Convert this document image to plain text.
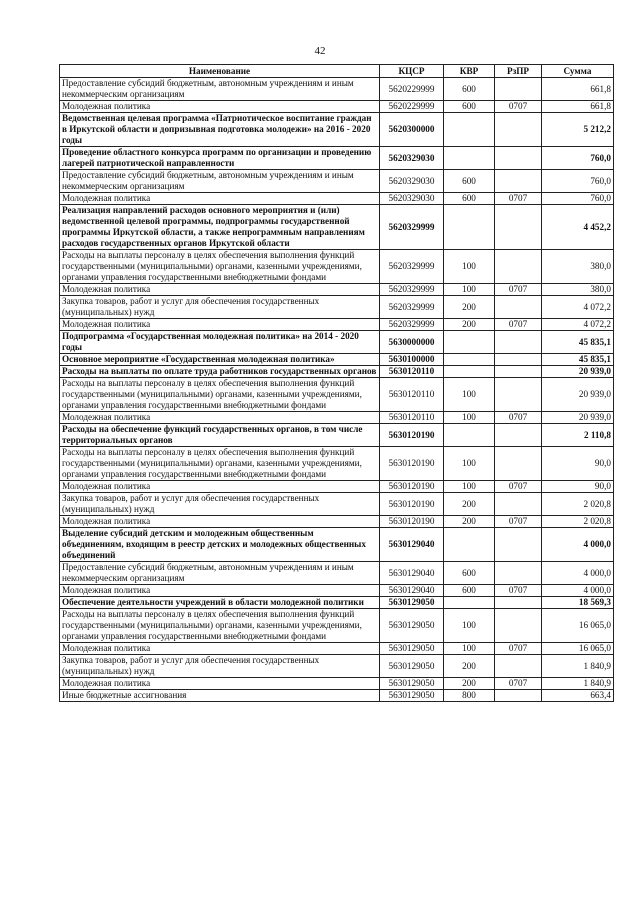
42
Наименование	КЦСР	КВР	РзПР	Сумма
Предоставление субсидий бюджетным, автономным учреждениям и иным некоммерческим организациям	5620229999	600		661,8
Молодежная политика	5620229999	600	0707	661,8
Ведомственная целевая программа «Патриотическое воспитание граждан в Иркутской области и допризывная подготовка молодежи» на 2016 - 2020 годы	5620300000			5 212,2
Проведение областного конкурса программ по организации и проведению лагерей патриотической направленности	5620329030			760,0
Предоставление субсидий бюджетным, автономным учреждениям и иным некоммерческим организациям	5620329030	600		760,0
Молодежная политика	5620329030	600	0707	760,0
Реализация направлений расходов основного мероприятия и (или) ведомственной целевой программы, подпрограммы государственной программы Иркутской области, а также непрограммным направлениям расходов государственных органов Иркутской области	5620329999			4 452,2
Расходы на выплаты персоналу в целях обеспечения выполнения функций государственными (муниципальными) органами, казенными учреждениями, органами управления государственными внебюджетными фондами	5620329999	100		380,0
Молодежная политика	5620329999	100	0707	380,0
Закупка товаров, работ и услуг для обеспечения государственных (муниципальных) нужд	5620329999	200		4 072,2
Молодежная политика	5620329999	200	0707	4 072,2
Подпрограмма «Государственная молодежная политика» на 2014 - 2020 годы	5630000000			45 835,1
Основное мероприятие «Государственная молодежная политика»	5630100000			45 835,1
Расходы на выплаты по оплате труда работников государственных органов	5630120110			20 939,0
Расходы на выплаты персоналу в целях обеспечения выполнения функций государственными (муниципальными) органами, казенными учреждениями, органами управления государственными внебюджетными фондами	5630120110	100		20 939,0
Молодежная политика	5630120110	100	0707	20 939,0
Расходы на обеспечение функций государственных органов, в том числе территориальных органов	5630120190			2 110,8
Расходы на выплаты персоналу в целях обеспечения выполнения функций государственными (муниципальными) органами, казенными учреждениями, органами управления государственными внебюджетными фондами	5630120190	100		90,0
Молодежная политика	5630120190	100	0707	90,0
Закупка товаров, работ и услуг для обеспечения государственных (муниципальных) нужд	5630120190	200		2 020,8
Молодежная политика	5630120190	200	0707	2 020,8
Выделение субсидий детским и молодежным общественным объединениям, входящим в реестр детских и молодежных общественных объединений	5630129040			4 000,0
Предоставление субсидий бюджетным, автономным учреждениям и иным некоммерческим организациям	5630129040	600		4 000,0
Молодежная политика	5630129040	600	0707	4 000,0
Обеспечение деятельности учреждений в области молодежной политики	5630129050			18 569,3
Расходы на выплаты персоналу в целях обеспечения выполнения функций государственными (муниципальными) органами, казенными учреждениями, органами управления государственными внебюджетными фондами	5630129050	100		16 065,0
Молодежная политика	5630129050	100	0707	16 065,0
Закупка товаров, работ и услуг для обеспечения государственных (муниципальных) нужд	5630129050	200		1 840,9
Молодежная политика	5630129050	200	0707	1 840,9
Иные бюджетные ассигнования	5630129050	800		663,4
